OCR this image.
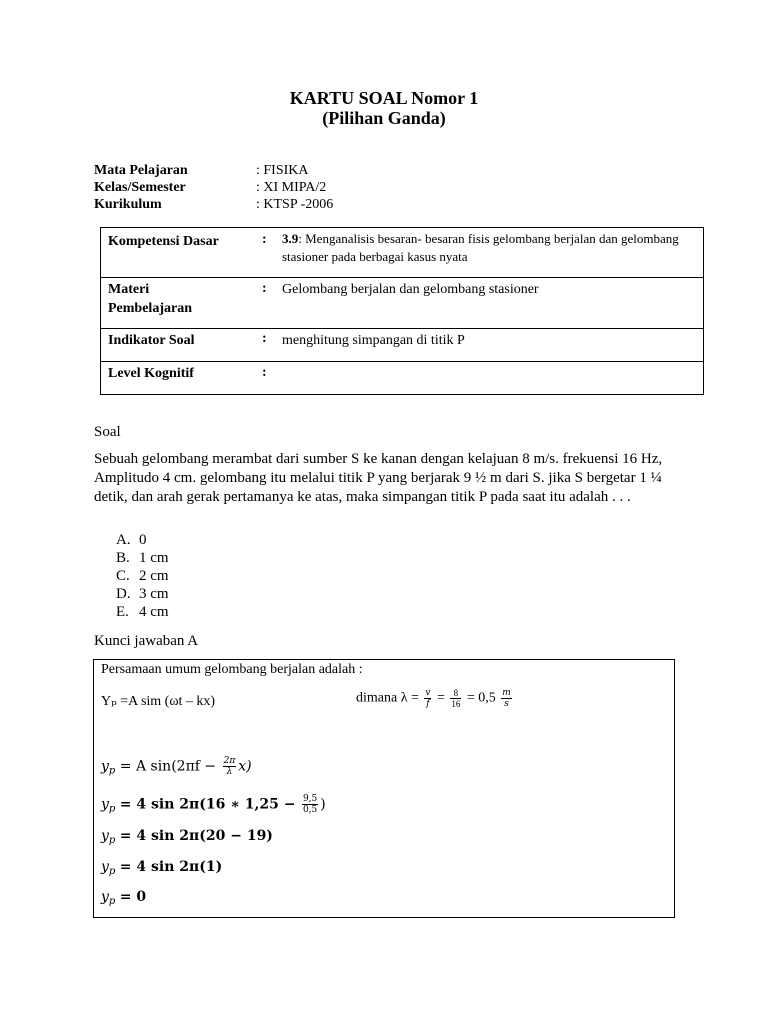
KARTU SOAL Nomor 1
(Pilihan Ganda)
Mata Pelajaran	: FISIKA
Kelas/Semester	: XI MIPA/2
Kurikulum	: KTSP -2006
Kompetensi Dasar	: 3.9: Menganalisis besaran- besaran fisis gelombang berjalan dan gelombang stasioner pada berbagai kasus nyata
Materi
Pembelajaran
: Gelombang berjalan dan gelombang stasioner
Indikator Soal	: menghitung simpangan di titik P
Level Kognitif	:
Soal
Sebuah gelombang merambat dari sumber S ke kanan dengan kelajuan 8 m/s. frekuensi 16 Hz, Amplitudo 4 cm. gelombang itu melalui titik P yang berjarak 9 ½ m dari S. jika S bergetar 1 ¼ detik, dan arah gerak pertamanya ke atas, maka simpangan titik P pada saat itu adalah . . .
A. 0
B. 1 cm
C. 2 cm
D. 3 cm
E. 4 cm
Kunci jawaban A
Persamaan umum gelombang berjalan adalah :
Yₚ =A sim (ωt – kx)	dimana $\lambda = \frac{v}{f} = \frac{8}{16} = 0,5 \frac{m}{s}$
$y_p = A$ $\sin(2\pi f - \frac{2\pi}{\lambda} x)$
$y_p = 4$ sin 2π(16 ∗ $1,25 - \frac{9,5}{0,5}$ )
$y_p = 4$ sin 2π(20 − 19)
$y_p = 4$ sin 2π(1)
$y_p = 0$
